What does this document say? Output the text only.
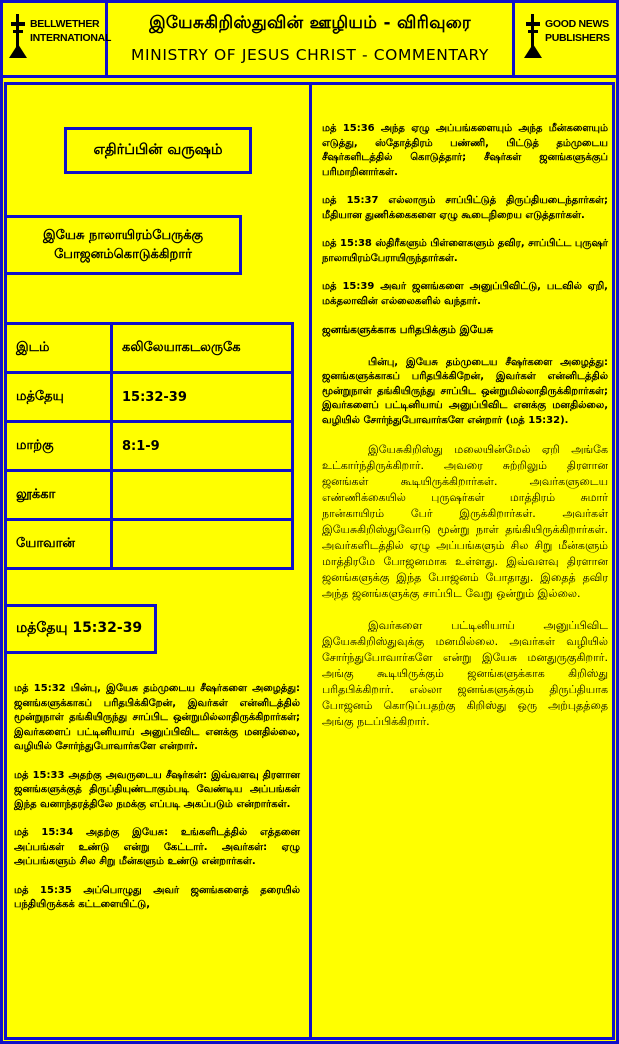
BELLWETHER
INTERNATIONAL
இயேசுகிறிஸ்துவின் ஊழியம் - விரிவுரை
MINISTRY OF JESUS CHRIST - COMMENTARY
GOOD NEWS
PUBLISHERS
எதிர்ப்பின் வருஷம்
இயேசு நாலாயிரம்பேருக்கு போஜனம்கொடுக்கிறார்
இடம்	கலிலேயாகடலருகே
மத்தேயு	15:32-39
மாற்கு	8:1-9
லூக்கா	
யோவான்	
மத்தேயு 15:32-39

மத் 15:32 பின்பு, இயேசு தம்முடைய சீஷர்களை அழைத்து: ஜனங்களுக்காகப் பரிதபிக்கிறேன், இவர்கள் என்னிடத்தில் மூன்றுநாள் தங்கியிருந்து சாப்பிட ஒன்றுமில்லாதிருக்கிறார்கள்; இவர்களைப் பட்டினியாய் அனுப்பிவிட எனக்கு மனதில்லை, வழியில் சோர்ந்துபோவார்களே என்றார்.

மத் 15:33 அதற்கு அவருடைய சீஷர்கள்: இவ்வளவு திரளான ஜனங்களுக்குத் திருப்தியுண்டாகும்படி வேண்டிய அப்பங்கள் இந்த வனாந்தரத்திலே நமக்கு எப்படி அகப்படும் என்றார்கள்.

மத் 15:34 அதற்கு இயேசு: உங்களிடத்தில் எத்தனை அப்பங்கள் உண்டு என்று கேட்டார். அவர்கள்: ஏழு அப்பங்களும் சில சிறு மீன்களும் உண்டு என்றார்கள்.

மத் 15:35 அப்பொழுது அவர் ஜனங்களைத் தரையில் பந்தியிருக்கக் கட்டளையிட்டு,

மத் 15:36 அந்த ஏழு அப்பங்களையும் அந்த மீன்களையும் எடுத்து, ஸ்தோத்திரம் பண்ணி, பிட்டுத் தம்முடைய சீஷர்களிடத்தில் கொடுத்தார்; சீஷர்கள் ஜனங்களுக்குப் பரிமாறினார்கள்.

மத் 15:37 எல்லாரும் சாப்பிட்டுத் திருப்தியடைந்தார்கள்; மீதியான துணிக்கைகளை ஏழு கூடைநிறைய எடுத்தார்கள்.

மத் 15:38 ஸ்திரீகளும் பிள்ளைகளும் தவிர, சாப்பிட்ட புருஷர் நாலாயிரம்பேராயிருந்தார்கள்.

மத் 15:39 அவர் ஜனங்களை அனுப்பிவிட்டு, படவில் ஏறி, மக்தலாவின் எல்லைகளில் வந்தார்.

ஜனங்களுக்காக பரிதபிக்கும் இயேசு

பின்பு, இயேசு தம்முடைய சீஷர்களை அழைத்து: ஜனங்களுக்காகப் பரிதபிக்கிறேன், இவர்கள் என்னிடத்தில் மூன்றுநாள் தங்கியிருந்து சாப்பிட ஒன்றுமில்லாதிருக்கிறார்கள்; இவர்களைப் பட்டினியாய் அனுப்பிவிட எனக்கு மனதில்லை, வழியில் சோர்ந்துபோவார்களே என்றார் (மத் 15:32).

இயேசுகிறிஸ்து மலையின்மேல் ஏறி அங்கே உட்கார்ந்திருக்கிறார். அவரை சுற்றிலும் திரளான ஜனங்கள் கூடியிருக்கிறார்கள். அவர்களுடைய எண்ணிக்கையில் புருஷர்கள் மாத்திரம் சுமார் நான்காயிரம் பேர் இருக்கிறார்கள். அவர்கள் இயேசுகிறிஸ்துவோடு மூன்று நாள் தங்கியிருக்கிறார்கள். அவர்களிடத்தில் ஏழு அப்பங்களும் சில சிறு மீன்களும் மாத்திரமே போஜனமாக உள்ளது. இவ்வளவு திரளான ஜனங்களுக்கு இந்த போஜனம் போதாது. இதைத் தவிர அந்த ஜனங்களுக்கு சாப்பிட வேறு ஒன்றும் இல்லை.

இவர்களை பட்டினியாய் அனுப்பிவிட இயேசுகிறிஸ்துவுக்கு மனமில்லை. அவர்கள் வழியில் சோர்ந்துபோவார்களே என்று இயேசு மனதுருகுகிறார். அங்கு கூடியிருக்கும் ஜனங்களுக்காக கிறிஸ்து பரிதபிக்கிறார். எல்லா ஜனங்களுக்கும் திருப்தியாக போஜனம் கொடுப்பதற்கு கிறிஸ்து ஒரு அற்புதத்தை அங்கு நடப்பிக்கிறார்.
